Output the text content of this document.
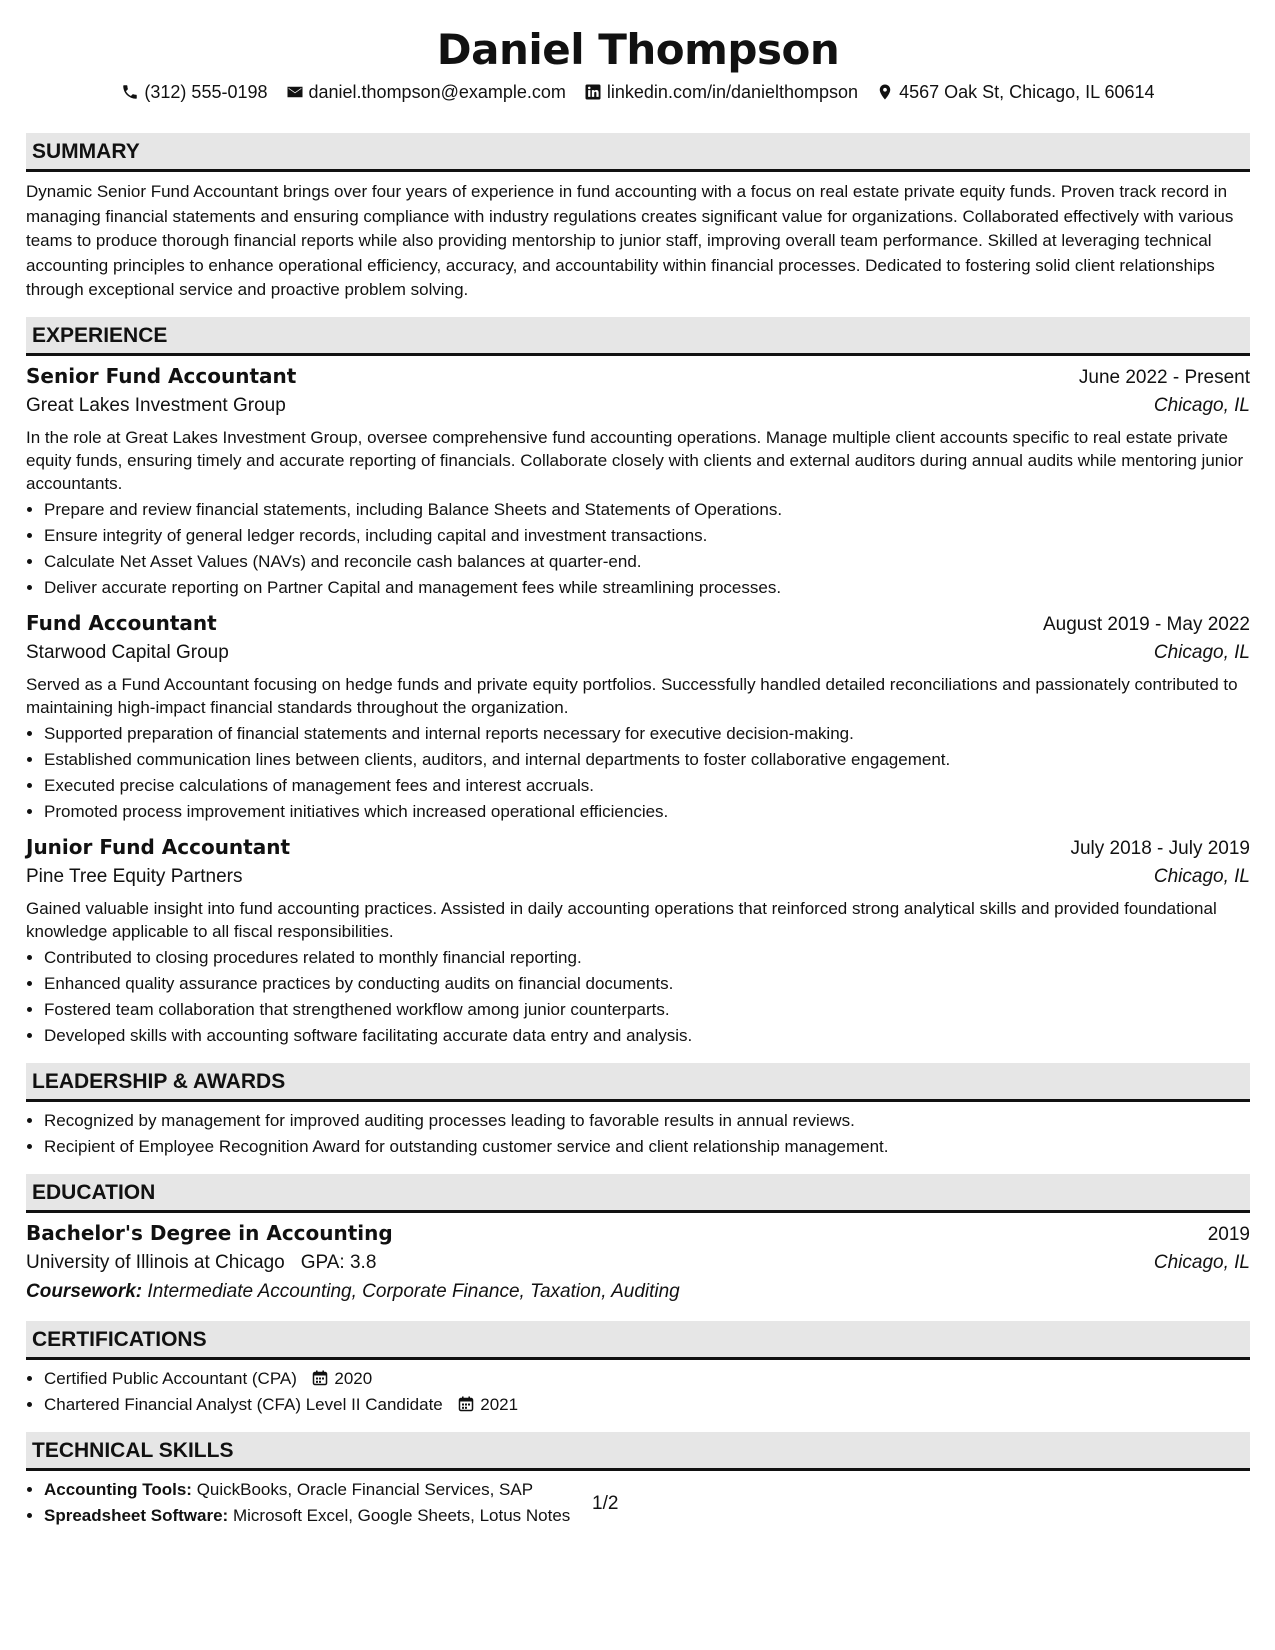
Daniel Thompson
(312) 555-0198 daniel.thompson@example.com linkedin.com/in/danielthompson 4567 Oak St, Chicago, IL 60614
SUMMARY
Dynamic Senior Fund Accountant brings over four years of experience in fund accounting with a focus on real estate private equity funds. Proven track record in managing financial statements and ensuring compliance with industry regulations creates significant value for organizations. Collaborated effectively with various teams to produce thorough financial reports while also providing mentorship to junior staff, improving overall team performance. Skilled at leveraging technical accounting principles to enhance operational efficiency, accuracy, and accountability within financial processes. Dedicated to fostering solid client relationships through exceptional service and proactive problem solving.
EXPERIENCE
Senior Fund Accountant	June 2022 - Present
Great Lakes Investment Group	Chicago, IL
In the role at Great Lakes Investment Group, oversee comprehensive fund accounting operations. Manage multiple client accounts specific to real estate private equity funds, ensuring timely and accurate reporting of financials. Collaborate closely with clients and external auditors during annual audits while mentoring junior accountants.
• Prepare and review financial statements, including Balance Sheets and Statements of Operations.
• Ensure integrity of general ledger records, including capital and investment transactions.
• Calculate Net Asset Values (NAVs) and reconcile cash balances at quarter-end.
• Deliver accurate reporting on Partner Capital and management fees while streamlining processes.
Fund Accountant	August 2019 - May 2022
Starwood Capital Group	Chicago, IL
Served as a Fund Accountant focusing on hedge funds and private equity portfolios. Successfully handled detailed reconciliations and passionately contributed to maintaining high-impact financial standards throughout the organization.
• Supported preparation of financial statements and internal reports necessary for executive decision-making.
• Established communication lines between clients, auditors, and internal departments to foster collaborative engagement.
• Executed precise calculations of management fees and interest accruals.
• Promoted process improvement initiatives which increased operational efficiencies.
Junior Fund Accountant	July 2018 - July 2019
Pine Tree Equity Partners	Chicago, IL
Gained valuable insight into fund accounting practices. Assisted in daily accounting operations that reinforced strong analytical skills and provided foundational knowledge applicable to all fiscal responsibilities.
• Contributed to closing procedures related to monthly financial reporting.
• Enhanced quality assurance practices by conducting audits on financial documents.
• Fostered team collaboration that strengthened workflow among junior counterparts.
• Developed skills with accounting software facilitating accurate data entry and analysis.
LEADERSHIP & AWARDS
• Recognized by management for improved auditing processes leading to favorable results in annual reviews.
• Recipient of Employee Recognition Award for outstanding customer service and client relationship management.
EDUCATION
Bachelor's Degree in Accounting	2019
University of Illinois at Chicago GPA: 3.8	Chicago, IL
Coursework: Intermediate Accounting, Corporate Finance, Taxation, Auditing
CERTIFICATIONS
• Certified Public Accountant (CPA) 2020
• Chartered Financial Analyst (CFA) Level II Candidate 2021
TECHNICAL SKILLS
• Accounting Tools: QuickBooks, Oracle Financial Services, SAP
• Spreadsheet Software: Microsoft Excel, Google Sheets, Lotus Notes
1/2
